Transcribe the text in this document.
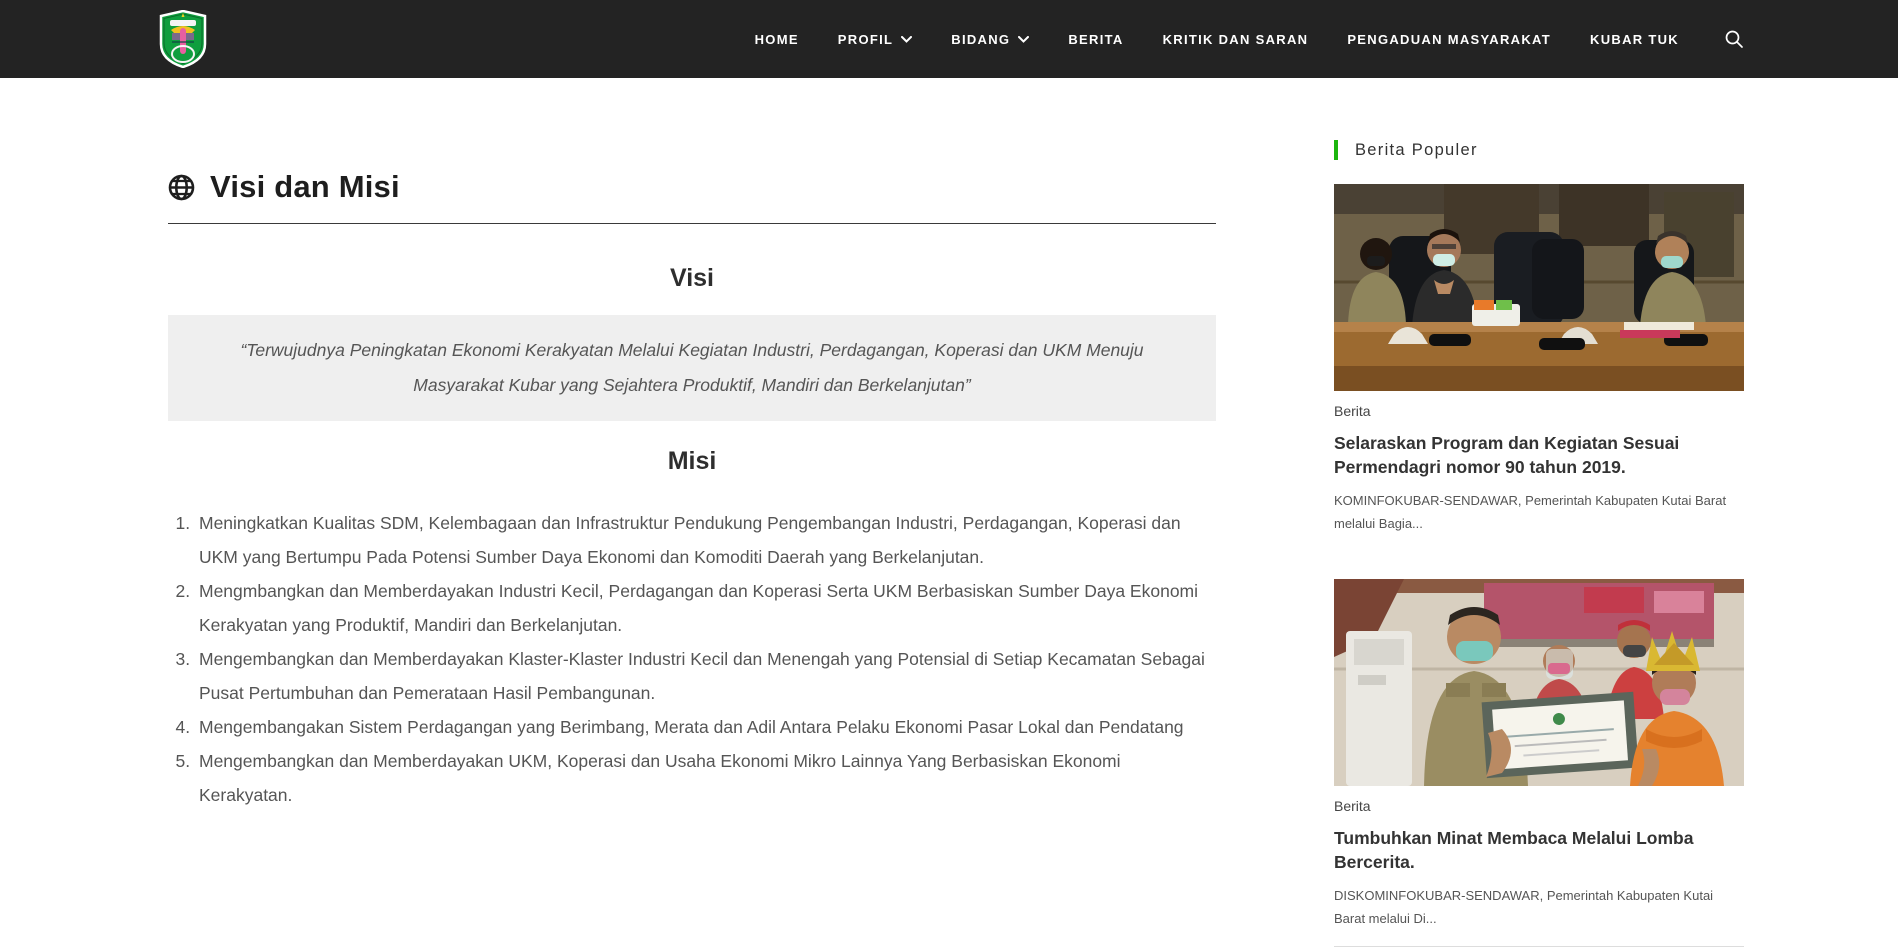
HOME	PROFIL	BIDANG	BERITA	KRITIK DAN SARAN	PENGADUAN MASYARAKAT	KUBAR TUK
Visi dan Misi
Visi
“Terwujudnya Peningkatan Ekonomi Kerakyatan Melalui Kegiatan Industri, Perdagangan, Koperasi dan UKM Menuju Masyarakat Kubar yang Sejahtera Produktif, Mandiri dan Berkelanjutan”
Misi
1. Meningkatkan Kualitas SDM, Kelembagaan dan Infrastruktur Pendukung Pengembangan Industri, Perdagangan, Koperasi dan UKM yang Bertumpu Pada Potensi Sumber Daya Ekonomi dan Komoditi Daerah yang Berkelanjutan.
2. Mengmbangkan dan Memberdayakan Industri Kecil, Perdagangan dan Koperasi Serta UKM Berbasiskan Sumber Daya Ekonomi Kerakyatan yang Produktif, Mandiri dan Berkelanjutan.
3. Mengembangkan dan Memberdayakan Klaster-Klaster Industri Kecil dan Menengah yang Potensial di Setiap Kecamatan Sebagai Pusat Pertumbuhan dan Pemerataan Hasil Pembangunan.
4. Mengembangakan Sistem Perdagangan yang Berimbang, Merata dan Adil Antara Pelaku Ekonomi Pasar Lokal dan Pendatang
5. Mengembangkan dan Memberdayakan UKM, Koperasi dan Usaha Ekonomi Mikro Lainnya Yang Berbasiskan Ekonomi Kerakyatan.
Berita Populer
Berita
Selaraskan Program dan Kegiatan Sesuai Permendagri nomor 90 tahun 2019.
KOMINFOKUBAR-SENDAWAR, Pemerintah Kabupaten Kutai Barat melalui Bagia...
Berita
Tumbuhkan Minat Membaca Melalui Lomba Bercerita.
DISKOMINFOKUBAR-SENDAWAR, Pemerintah Kabupaten Kutai Barat melalui Di...
